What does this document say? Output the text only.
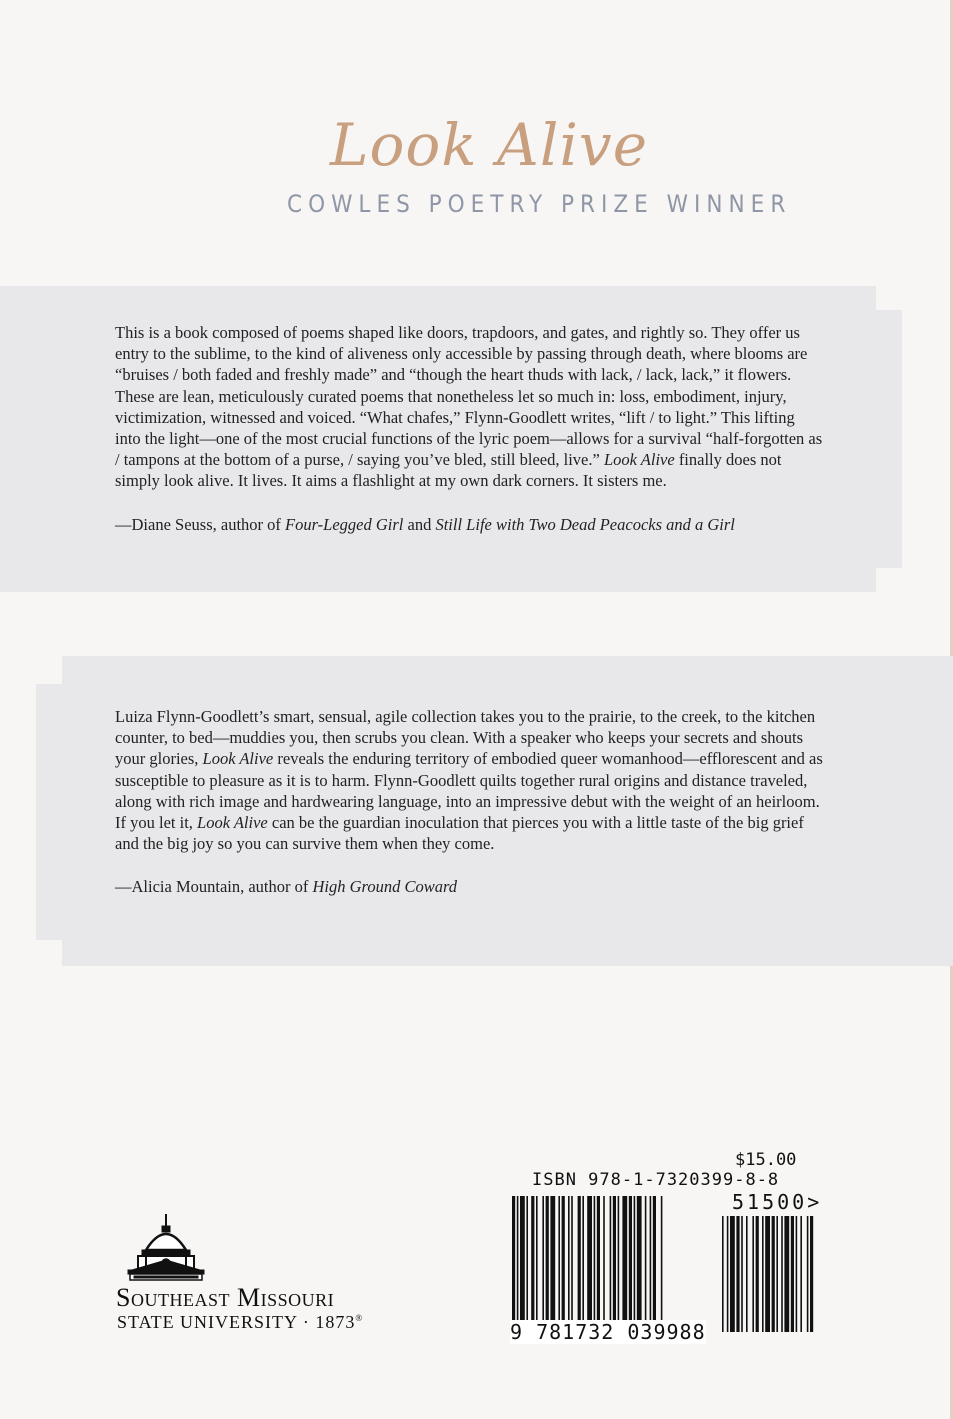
Look Alive
COWLES POETRY PRIZE WINNER
This is a book composed of poems shaped like doors, trapdoors, and gates, and rightly so. They offer us entry to the sublime, to the kind of aliveness only accessible by passing through death, where blooms are “bruises / both faded and freshly made” and “though the heart thuds with lack, / lack, lack,” it flowers. These are lean, meticulously curated poems that nonetheless let so much in: loss, embodiment, injury, victimization, witnessed and voiced. “What chafes,” Flynn-Goodlett writes, “lift / to light.” This lifting into the light—one of the most crucial functions of the lyric poem—allows for a survival “half-forgotten as / tampons at the bottom of a purse, / saying you’ve bled, still bleed, live.” Look Alive finally does not simply look alive. It lives. It aims a flashlight at my own dark corners. It sisters me.
—Diane Seuss, author of Four-Legged Girl and Still Life with Two Dead Peacocks and a Girl
Luiza Flynn-Goodlett’s smart, sensual, agile collection takes you to the prairie, to the creek, to the kitchen counter, to bed—muddies you, then scrubs you clean. With a speaker who keeps your secrets and shouts your glories, Look Alive reveals the enduring territory of embodied queer womanhood—efflorescent and as susceptible to pleasure as it is to harm. Flynn-Goodlett quilts together rural origins and distance traveled, along with rich image and hardwearing language, into an impressive debut with the weight of an heirloom. If you let it, Look Alive can be the guardian inoculation that pierces you with a little taste of the big grief and the big joy so you can survive them when they come.
—Alicia Mountain, author of High Ground Coward
Southeast Missouri
STATE UNIVERSITY · 1873®
$15.00
ISBN 978-1-7320399-8-8
51500>
9 781732 039988
